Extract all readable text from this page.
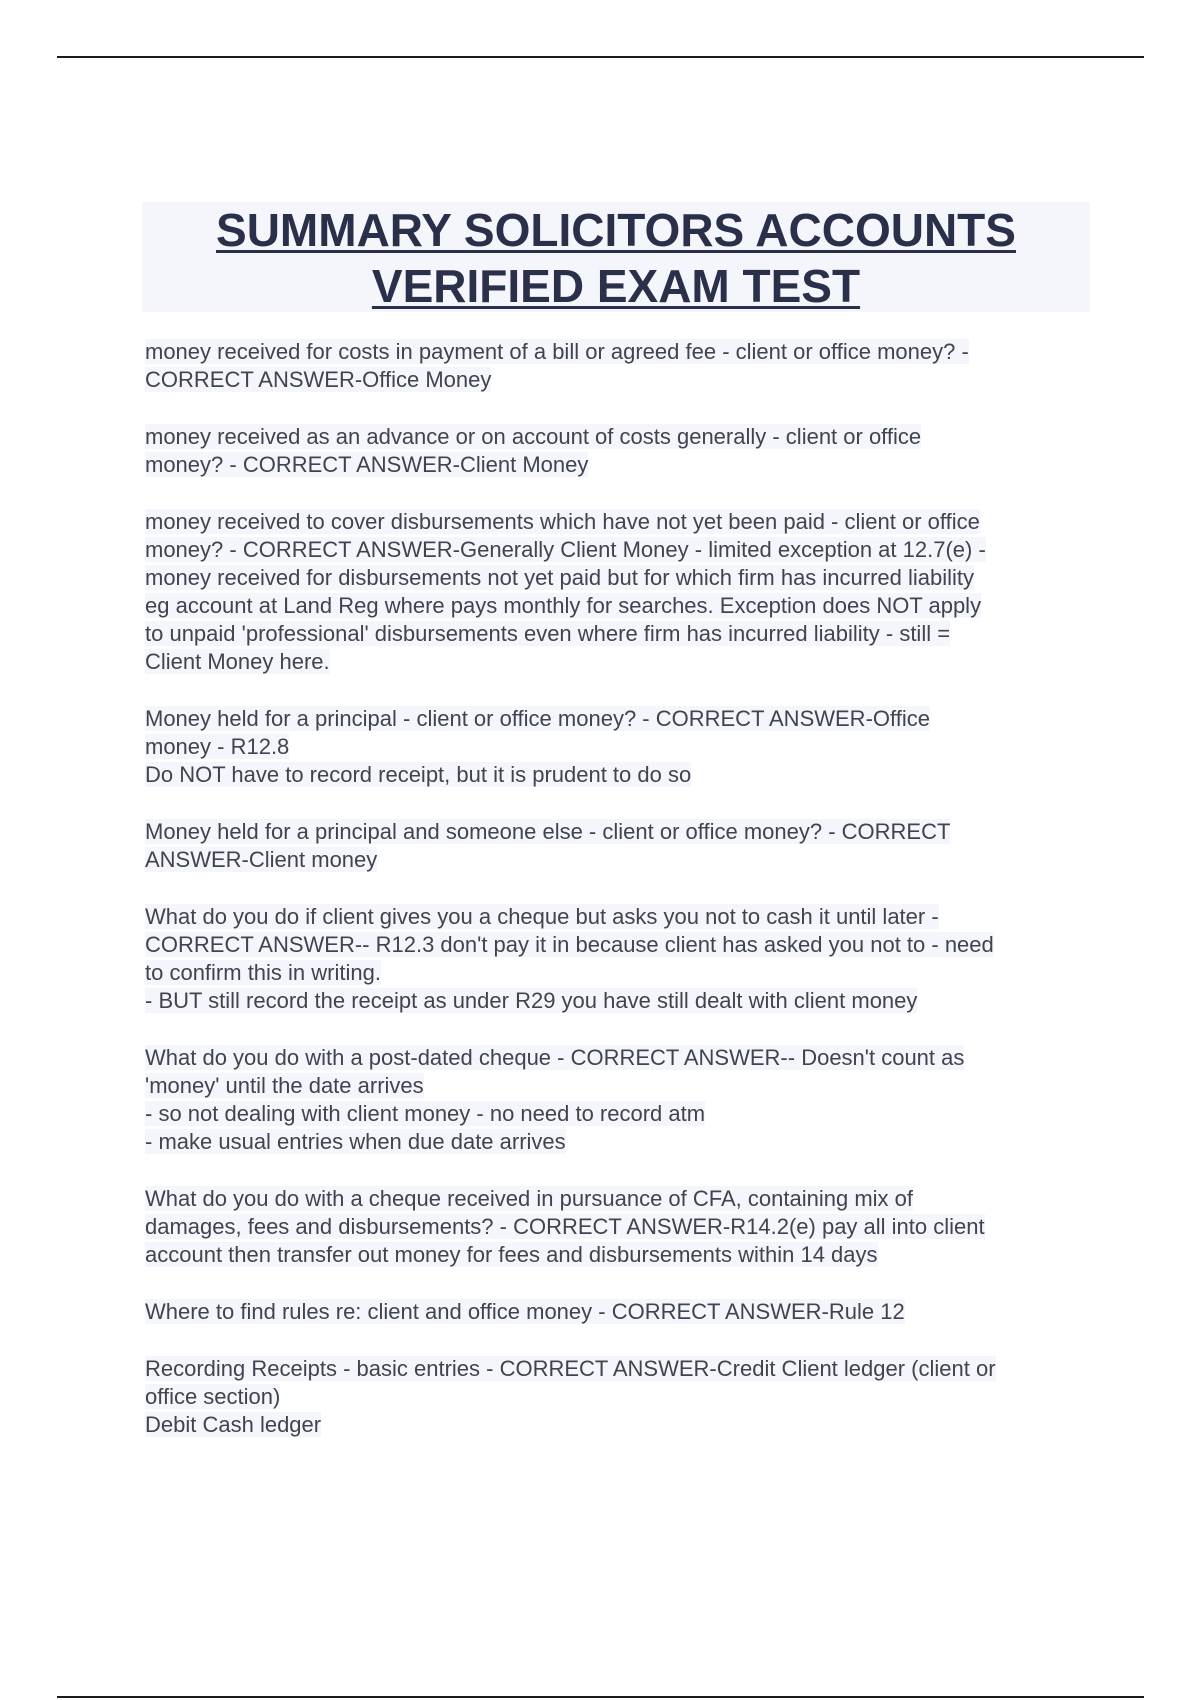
SUMMARY SOLICITORS ACCOUNTS
VERIFIED EXAM TEST
money received for costs in payment of a bill or agreed fee - client or office money? -
CORRECT ANSWER-Office Money
money received as an advance or on account of costs generally - client or office
money? - CORRECT ANSWER-Client Money
money received to cover disbursements which have not yet been paid - client or office
money? - CORRECT ANSWER-Generally Client Money - limited exception at 12.7(e) -
money received for disbursements not yet paid but for which firm has incurred liability
eg account at Land Reg where pays monthly for searches. Exception does NOT apply
to unpaid 'professional' disbursements even where firm has incurred liability - still =
Client Money here.
Money held for a principal - client or office money? - CORRECT ANSWER-Office
money - R12.8
Do NOT have to record receipt, but it is prudent to do so
Money held for a principal and someone else - client or office money? - CORRECT
ANSWER-Client money
What do you do if client gives you a cheque but asks you not to cash it until later -
CORRECT ANSWER-- R12.3 don't pay it in because client has asked you not to - need
to confirm this in writing.
- BUT still record the receipt as under R29 you have still dealt with client money
What do you do with a post-dated cheque - CORRECT ANSWER-- Doesn't count as
'money' until the date arrives
- so not dealing with client money - no need to record atm
- make usual entries when due date arrives
What do you do with a cheque received in pursuance of CFA, containing mix of
damages, fees and disbursements? - CORRECT ANSWER-R14.2(e) pay all into client
account then transfer out money for fees and disbursements within 14 days
Where to find rules re: client and office money - CORRECT ANSWER-Rule 12
Recording Receipts - basic entries - CORRECT ANSWER-Credit Client ledger (client or
office section)
Debit Cash ledger
